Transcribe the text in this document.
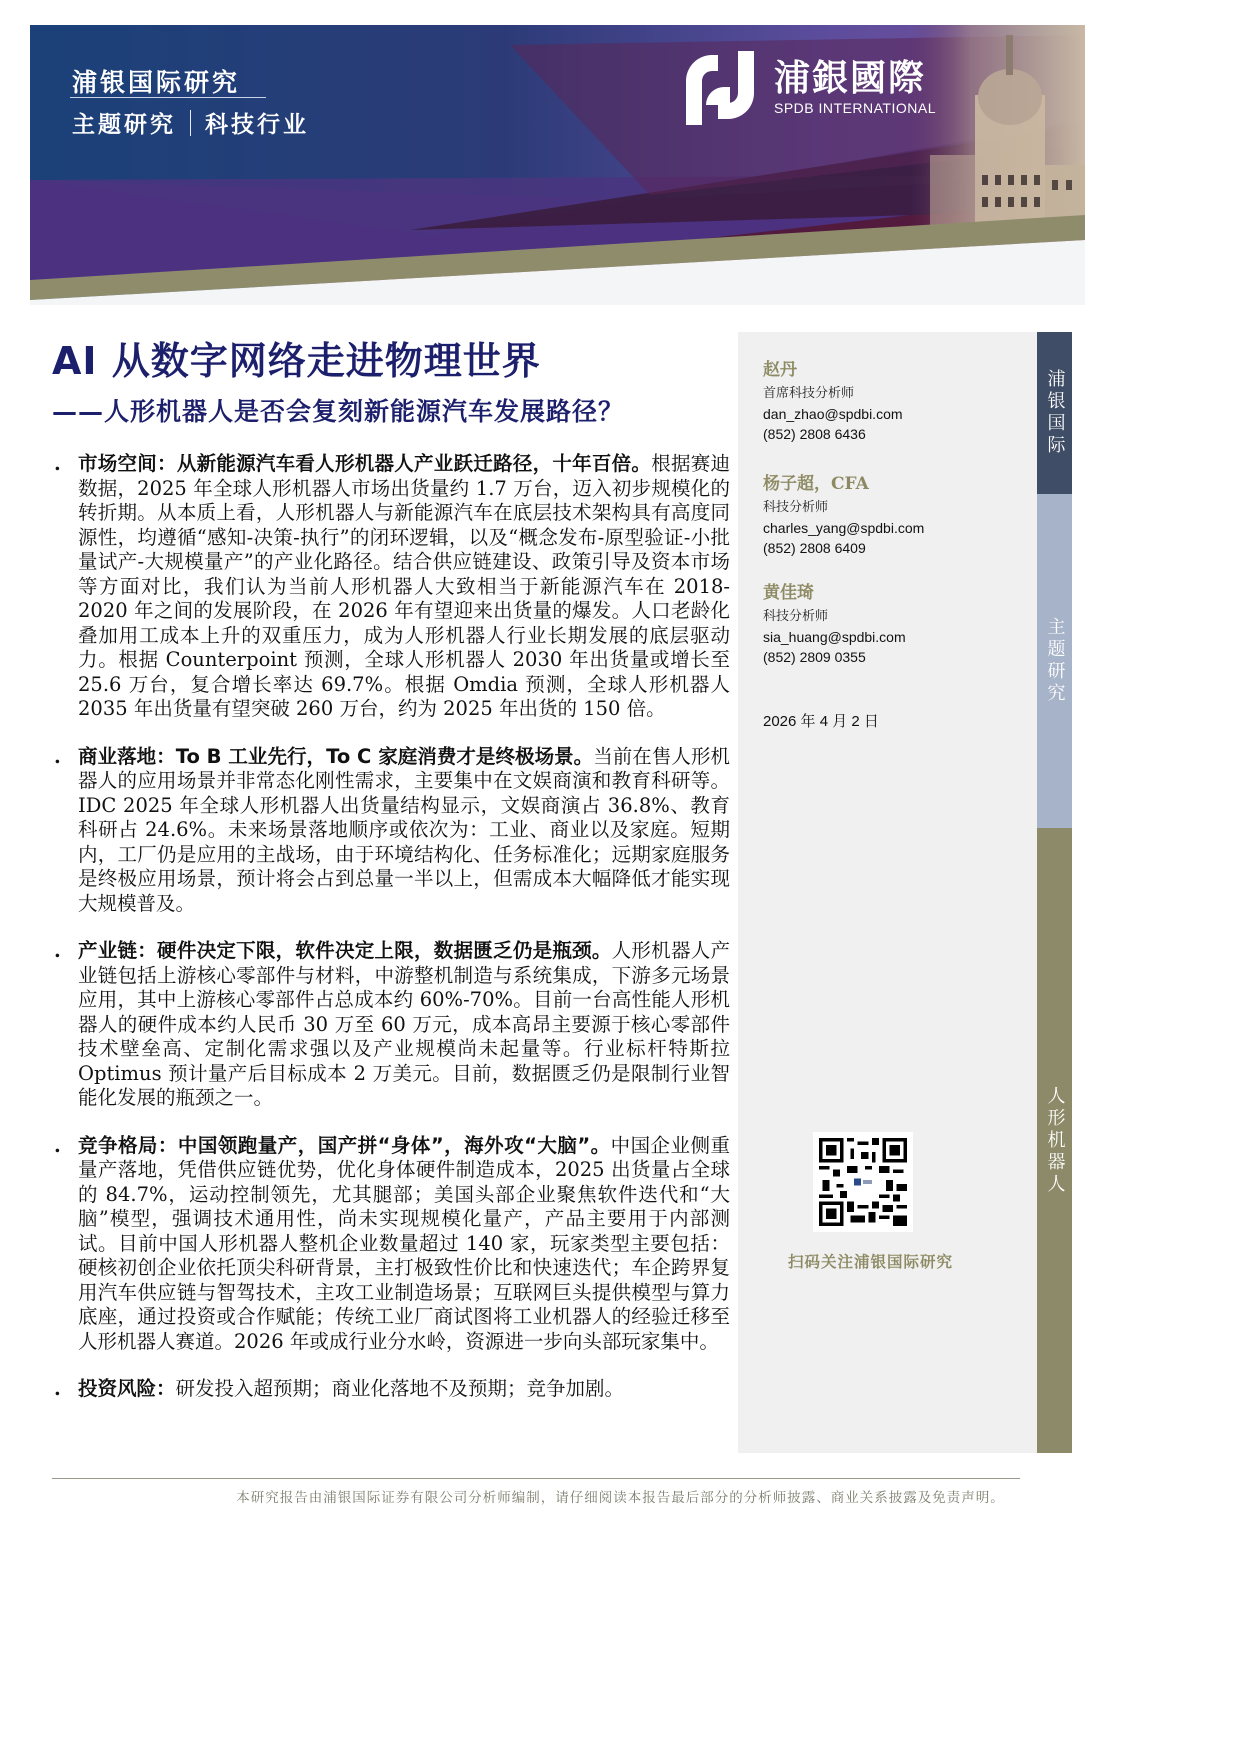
浦银国际研究
主题研究 科技行业
浦銀國際
SPDB INTERNATIONAL
AI 从数字网络走进物理世界
——人形机器人是否会复刻新能源汽车发展路径？
. 市场空间：从新能源汽车看人形机器人产业跃迁路径，十年百倍。根据赛迪数据，2025 年全球人形机器人市场出货量约 1.7 万台，迈入初步规模化的转折期。从本质上看，人形机器人与新能源汽车在底层技术架构具有高度同源性，均遵循“感知-决策-执行”的闭环逻辑，以及“概念发布-原型验证-小批量试产-大规模量产”的产业化路径。结合供应链建设、政策引导及资本市场等方面对比，我们认为当前人形机器人大致相当于新能源汽车在 2018-2020 年之间的发展阶段，在 2026 年有望迎来出货量的爆发。人口老龄化叠加用工成本上升的双重压力，成为人形机器人行业长期发展的底层驱动力。根据 Counterpoint 预测，全球人形机器人 2030 年出货量或增长至 25.6 万台，复合增长率达 69.7%。根据 Omdia 预测，全球人形机器人 2035 年出货量有望突破 260 万台，约为 2025 年出货的 150 倍。
. 商业落地：To B 工业先行，To C 家庭消费才是终极场景。当前在售人形机器人的应用场景并非常态化刚性需求，主要集中在文娱商演和教育科研等。IDC 2025 年全球人形机器人出货量结构显示，文娱商演占 36.8%、教育科研占 24.6%。未来场景落地顺序或依次为：工业、商业以及家庭。短期内，工厂仍是应用的主战场，由于环境结构化、任务标准化；远期家庭服务是终极应用场景，预计将会占到总量一半以上，但需成本大幅降低才能实现大规模普及。
. 产业链：硬件决定下限，软件决定上限，数据匮乏仍是瓶颈。人形机器人产业链包括上游核心零部件与材料，中游整机制造与系统集成，下游多元场景应用，其中上游核心零部件占总成本约 60%-70%。目前一台高性能人形机器人的硬件成本约人民币 30 万至 60 万元，成本高昂主要源于核心零部件技术壁垒高、定制化需求强以及产业规模尚未起量等。行业标杆特斯拉 Optimus 预计量产后目标成本 2 万美元。目前，数据匮乏仍是限制行业智能化发展的瓶颈之一。
. 竞争格局：中国领跑量产，国产拼“身体”，海外攻“大脑”。中国企业侧重量产落地，凭借供应链优势，优化身体硬件制造成本，2025 出货量占全球的 84.7%，运动控制领先，尤其腿部；美国头部企业聚焦软件迭代和“大脑”模型，强调技术通用性，尚未实现规模化量产，产品主要用于内部测试。目前中国人形机器人整机企业数量超过 140 家，玩家类型主要包括：硬核初创企业依托顶尖科研背景，主打极致性价比和快速迭代；车企跨界复用汽车供应链与智驾技术，主攻工业制造场景；互联网巨头提供模型与算力底座，通过投资或合作赋能；传统工业厂商试图将工业机器人的经验迁移至人形机器人赛道。2026 年或成行业分水岭，资源进一步向头部玩家集中。
. 投资风险：研发投入超预期；商业化落地不及预期；竞争加剧。
赵丹
首席科技分析师
dan_zhao@spdbi.com
(852) 2808 6436
杨子超，CFA
科技分析师
charles_yang@spdbi.com
(852) 2808 6409
黄佳琦
科技分析师
sia_huang@spdbi.com
(852) 2809 0355
2026 年 4 月 2 日
扫码关注浦银国际研究
浦银国际
主题研究
人形机器人
本研究报告由浦银国际证券有限公司分析师编制，请仔细阅读本报告最后部分的分析师披露、商业关系披露及免责声明。
